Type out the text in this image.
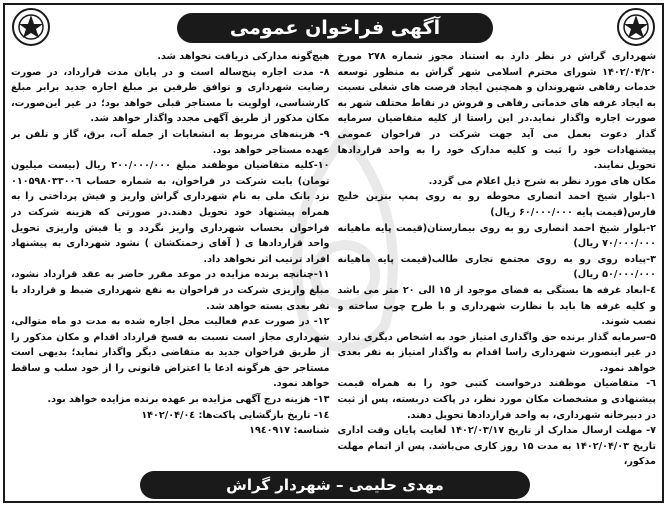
آگهی فراخوان عمومی

شهرداری گراش در نظر دارد به استناد مجوز شماره ۲۷۸ مورخ ۱۴۰۲/۰۴/۲۰ شورای محترم اسلامی شهر گراش به منظور توسعه خدمات رفاهی شهروندان و همچنین ایجاد فرصت های شغلی نسبت به ایجاد غرفه های خدماتی رفاهی و فروش در نقاط مختلف شهر به صورت اجاره واگذار نماید.در این راستا از کلیه متقاضیان سرمایه گذار دعوت بعمل می آید جهت شرکت در فراخوان عمومی پیشنهادات خود را ثبت و کلیه مدارک خود را به واحد قراردادها تحویل نمایند.

مکان های مورد نظر به شرح ذیل اعلام می گردد.

۱-بلوار شیخ احمد انصاری محوطه رو به روی پمپ بنزین خلیج فارس(قیمت پایه ۶۰/۰۰۰/۰۰۰ ریال)

۲-بلوار شیخ احمد انصاری رو به روی بیمارستان(قیمت پایه ماهیانه ۷۰/۰۰۰/۰۰۰ ریال)

۳-پیاده روی رو به روی مجتمع تجاری طالب(قیمت پایه ماهیانه ۵۰/۰۰۰/۰۰۰ ریال)

٤-ابعاد غرفه ها بستگی به فضای موجود از ۱۵ الی ۲۰ متر می باشد و کلیه غرفه ها باید با نظارت شهرداری و با طرح چوب ساخته و نصب شوند.

۵-سرمایه گذار برنده حق واگذاری امتیاز خود به اشخاص دیگری ندارد در غیر اینصورت شهرداری راسا اقدام به واگذار امتیاز به نفر بعدی خواهد نمود.

٦- متقاضیان موظفند درخواست کتبی خود را به همراه قیمت پیشنهادی و مشخصات مکان مورد نظر، در پاکت دربسته، پس از ثبت در دبیرخانه شهرداری، به واحد قراردادها تحویل دهند.

۷- مهلت ارسال مدارک از تاریخ ۱۴۰۲/۰۳/۱۷ لغایت پایان وقت اداری تاریخ ۱۴۰۲/۰۴/۰۳ به مدت ۱۵ روز کاری می‌باشد. پس از اتمام مهلت مذکور،

هیچ‌گونه مدارکی دریافت نخواهد شد.

۸- مدت اجاره پنج‌ساله است و در پایان مدت قرارداد، در صورت رضایت شهرداری و توافق طرفین بر مبلغ اجاره جدید برابر مبلغ کارشناسی، اولویت با مستاجر قبلی خواهد بود؛ در غیر این‌صورت، مکان مذکور از طریق آگهی مجدد واگذار خواهد شد.

۹- هزینه‌های مربوط به انشعابات از جمله آب، برق، گاز و تلفن بر عهده مستاجر خواهد بود.

۱۰-کلیه متقاضیان موظفند مبلغ ۲۰۰/۰۰۰/۰۰۰ ریال (بیست میلیون تومان) بابت شرکت در فراخوان، به شماره حساب ۰۱۰۵۹۸۰۳۳۰۰٦ نزد بانک ملی به نام شهرداری گراش واریز و فیش پرداختی را به همراه پیشنهاد خود تحویل دهند.در صورتی که هزینه شرکت در فراخوان بحساب شهرداری واریز نگردد و یا فیش واریزی تحویل واحد قراردادها ی ( آقای زحمتکشان ) نشود شهرداری به پیشنهاد افراد ترتیب اثر نخواهد داد.

۱۱-چنانچه برنده مزایده در موعد مقرر حاضر به عقد قرارداد نشود، مبلغ واریزی شرکت در فراخوان به نفع شهرداری ضبط و قرارداد با نفر بعدی بسته خواهد شد.

۱۲- در صورت عدم فعالیت محل اجاره شده به مدت دو ماه متوالی، شهرداری مجاز است نسبت به فسخ قرارداد اقدام و مکان مذکور را از طریق فراخوان جدید به متقاضی دیگر واگذار نماید؛ بدیهی است مستاجر حق هرگونه ادعا یا اعتراض قانونی را از خود سلب و ساقط خواهد نمود.

۱۳- هزینه درج آگهی مزایده بر عهده برنده مزایده خواهد بود.

۱٤- تاریخ بازگشایی پاکت‌ها: ۱۴۰۲/۰۴/۰٤

شناسه: ۱۹٤۰۹۱۷

مهدی حلیمی – شهردار گراش
